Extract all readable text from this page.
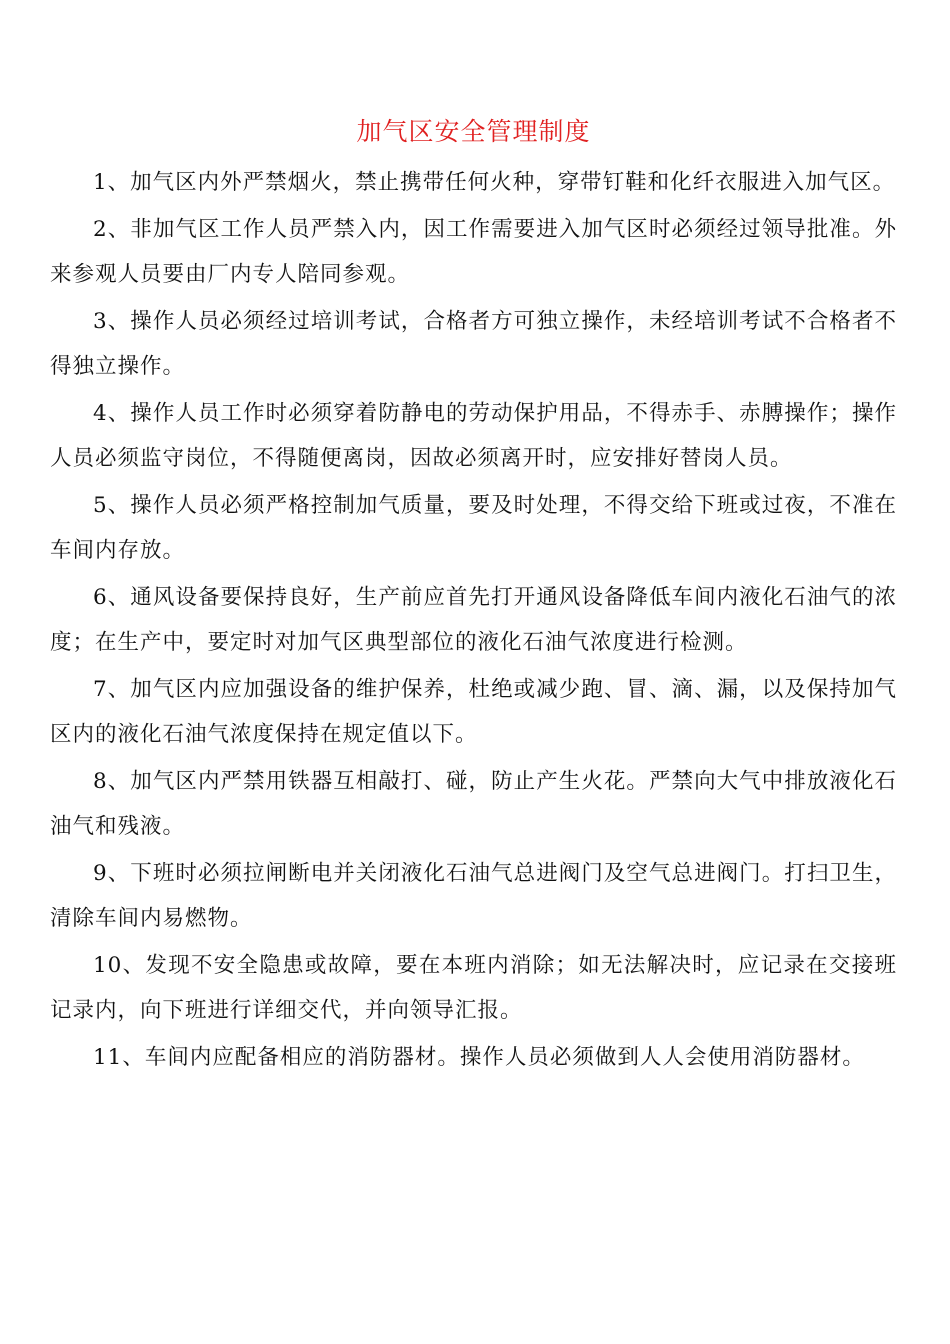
加气区安全管理制度

1、加气区内外严禁烟火，禁止携带任何火种，穿带钉鞋和化纤衣服进入加气区。

2、非加气区工作人员严禁入内，因工作需要进入加气区时必须经过领导批准。外来参观人员要由厂内专人陪同参观。

3、操作人员必须经过培训考试，合格者方可独立操作，未经培训考试不合格者不得独立操作。

4、操作人员工作时必须穿着防静电的劳动保护用品，不得赤手、赤膊操作；操作人员必须监守岗位，不得随便离岗，因故必须离开时，应安排好替岗人员。

5、操作人员必须严格控制加气质量，要及时处理，不得交给下班或过夜，不准在车间内存放。

6、通风设备要保持良好，生产前应首先打开通风设备降低车间内液化石油气的浓度；在生产中，要定时对加气区典型部位的液化石油气浓度进行检测。

7、加气区内应加强设备的维护保养，杜绝或减少跑、冒、滴、漏，以及保持加气区内的液化石油气浓度保持在规定值以下。

8、加气区内严禁用铁器互相敲打、碰，防止产生火花。严禁向大气中排放液化石油气和残液。

9、下班时必须拉闸断电并关闭液化石油气总进阀门及空气总进阀门。打扫卫生，清除车间内易燃物。

10、发现不安全隐患或故障，要在本班内消除；如无法解决时，应记录在交接班记录内，向下班进行详细交代，并向领导汇报。

11、车间内应配备相应的消防器材。操作人员必须做到人人会使用消防器材。
